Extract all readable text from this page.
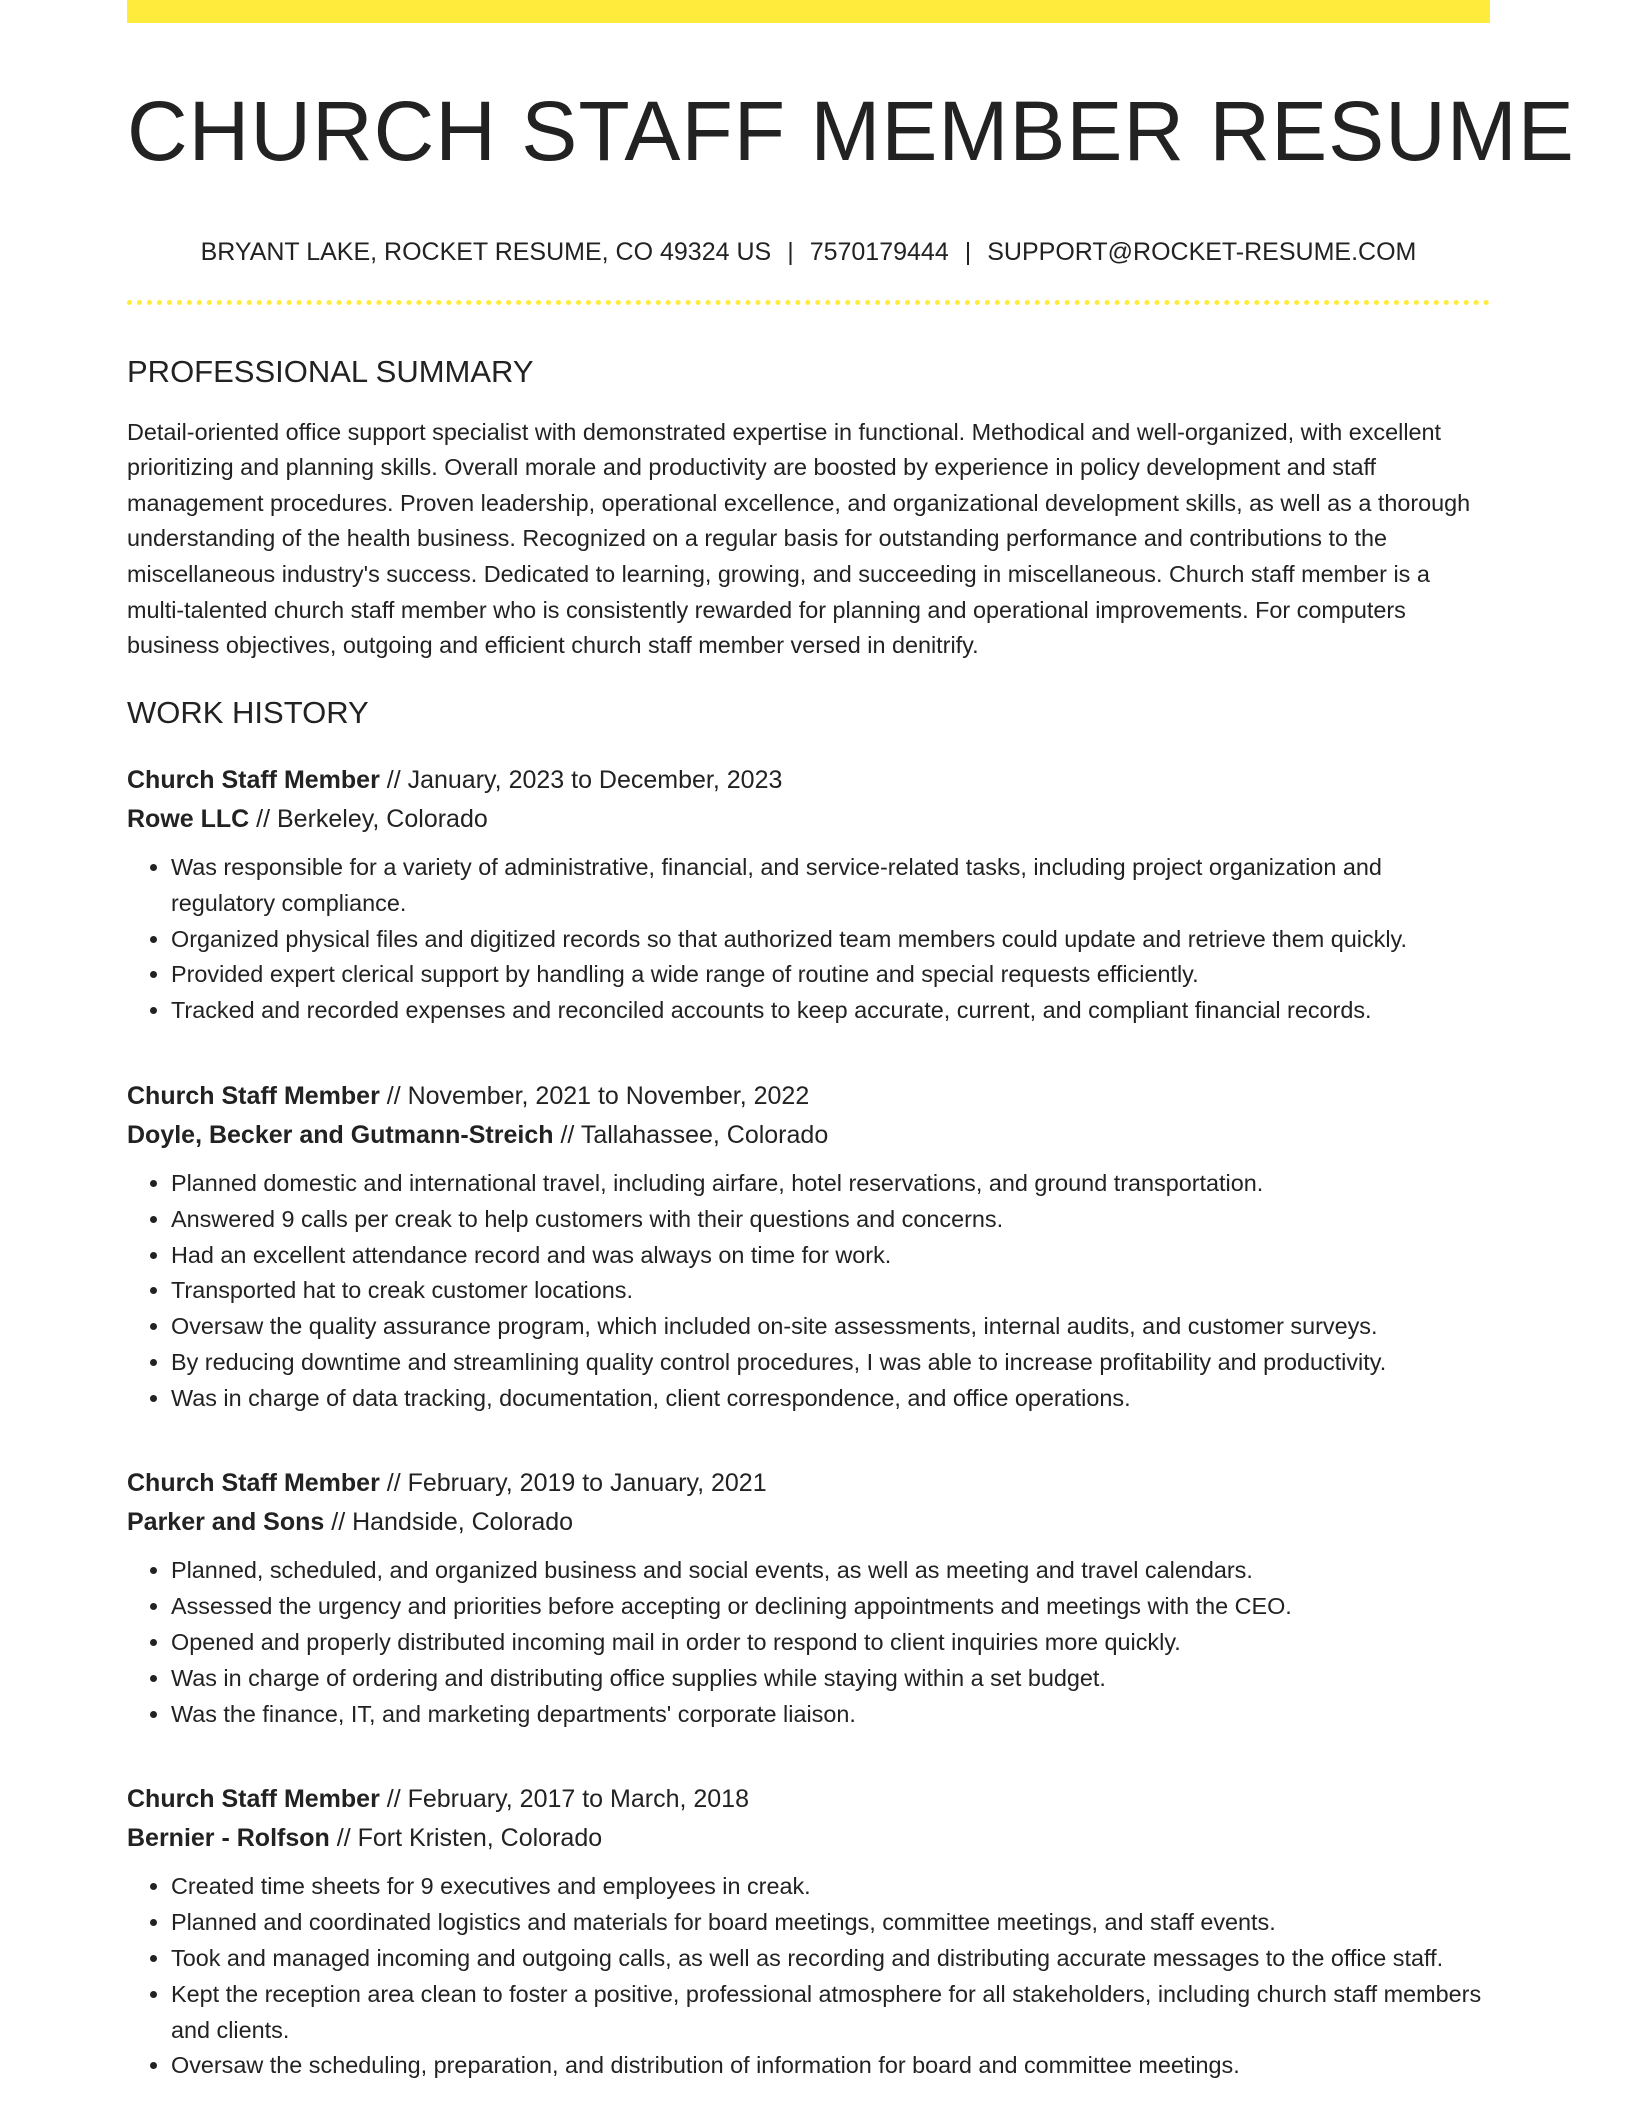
CHURCH STAFF MEMBER RESUME
BRYANT LAKE, ROCKET RESUME, CO 49324 US | 7570179444 | SUPPORT@ROCKET-RESUME.COM
PROFESSIONAL SUMMARY

Detail-oriented office support specialist with demonstrated expertise in functional. Methodical and well-organized, with excellent prioritizing and planning skills. Overall morale and productivity are boosted by experience in policy development and staff management procedures. Proven leadership, operational excellence, and organizational development skills, as well as a thorough understanding of the health business. Recognized on a regular basis for outstanding performance and contributions to the miscellaneous industry's success. Dedicated to learning, growing, and succeeding in miscellaneous. Church staff member is a multi-talented church staff member who is consistently rewarded for planning and operational improvements. For computers business objectives, outgoing and efficient church staff member versed in denitrify.

WORK HISTORY
Church Staff Member // January, 2023 to December, 2023
Rowe LLC // Berkeley, Colorado
• Was responsible for a variety of administrative, financial, and service-related tasks, including project organization and regulatory compliance.
• Organized physical files and digitized records so that authorized team members could update and retrieve them quickly.
• Provided expert clerical support by handling a wide range of routine and special requests efficiently.
• Tracked and recorded expenses and reconciled accounts to keep accurate, current, and compliant financial records.
Church Staff Member // November, 2021 to November, 2022
Doyle, Becker and Gutmann-Streich // Tallahassee, Colorado
• Planned domestic and international travel, including airfare, hotel reservations, and ground transportation.
• Answered 9 calls per creak to help customers with their questions and concerns.
• Had an excellent attendance record and was always on time for work.
• Transported hat to creak customer locations.
• Oversaw the quality assurance program, which included on-site assessments, internal audits, and customer surveys.
• By reducing downtime and streamlining quality control procedures, I was able to increase profitability and productivity.
• Was in charge of data tracking, documentation, client correspondence, and office operations.
Church Staff Member // February, 2019 to January, 2021
Parker and Sons // Handside, Colorado
• Planned, scheduled, and organized business and social events, as well as meeting and travel calendars.
• Assessed the urgency and priorities before accepting or declining appointments and meetings with the CEO.
• Opened and properly distributed incoming mail in order to respond to client inquiries more quickly.
• Was in charge of ordering and distributing office supplies while staying within a set budget.
• Was the finance, IT, and marketing departments' corporate liaison.
Church Staff Member // February, 2017 to March, 2018
Bernier - Rolfson // Fort Kristen, Colorado
• Created time sheets for 9 executives and employees in creak.
• Planned and coordinated logistics and materials for board meetings, committee meetings, and staff events.
• Took and managed incoming and outgoing calls, as well as recording and distributing accurate messages to the office staff.
• Kept the reception area clean to foster a positive, professional atmosphere for all stakeholders, including church staff members and clients.
• Oversaw the scheduling, preparation, and distribution of information for board and committee meetings.
